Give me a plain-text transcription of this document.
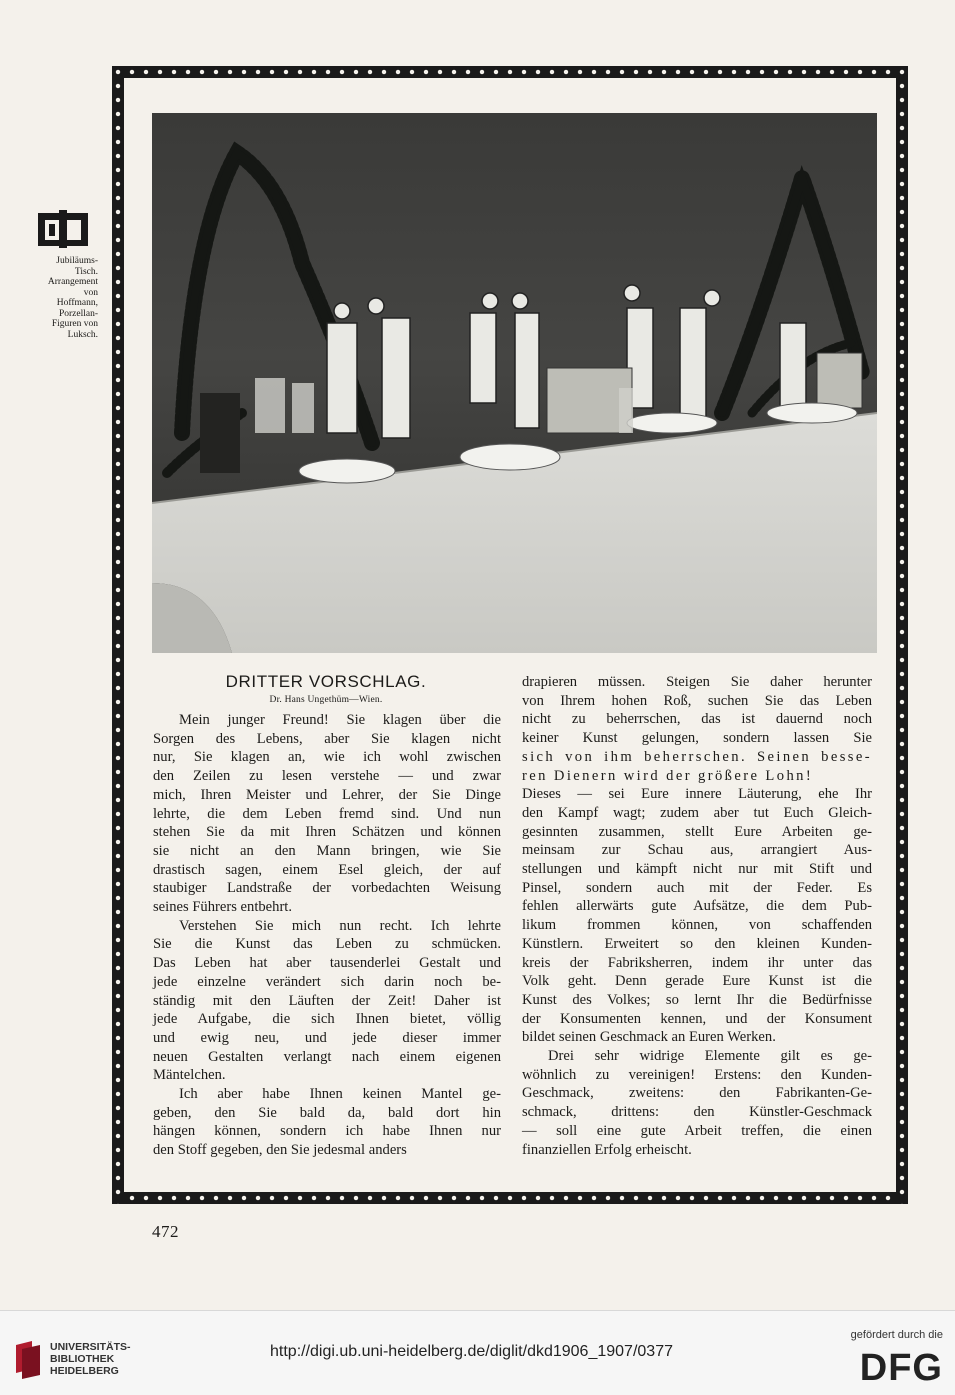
Jubiläums-
Tisch.
Arrangement
von
Hoffmann,
Porzellan-
Figuren von
Luksch.
DRITTER VORSCHLAG.
Dr. Hans Ungethüm—Wien.

Mein junger Freund! Sie klagen über die

Sorgen des Lebens, aber Sie klagen nicht

nur, Sie klagen an, wie ich wohl zwischen

den Zeilen zu lesen verstehe — und zwar

mich, Ihren Meister und Lehrer, der Sie Dinge

lehrte, die dem Leben fremd sind. Und nun

stehen Sie da mit Ihren Schätzen und können

sie nicht an den Mann bringen, wie Sie

drastisch sagen, einem Esel gleich, der auf

staubiger Landstraße der vorbedachten Weisung

seines Führers entbehrt.

Verstehen Sie mich nun recht. Ich lehrte

Sie die Kunst das Leben zu schmücken.

Das Leben hat aber tausenderlei Gestalt und

jede einzelne verändert sich darin noch be-

ständig mit den Läuften der Zeit! Daher ist

jede Aufgabe, die sich Ihnen bietet, völlig

und ewig neu, und jede dieser immer

neuen Gestalten verlangt nach einem eigenen

Mäntelchen.

Ich aber habe Ihnen keinen Mantel ge-

geben, den Sie bald da, bald dort hin

hängen können, sondern ich habe Ihnen nur

den Stoff gegeben, den Sie jedesmal anders

drapieren müssen. Steigen Sie daher herunter

von Ihrem hohen Roß, suchen Sie das Leben

nicht zu beherrschen, das ist dauernd noch

keiner Kunst gelungen, sondern lassen Sie

sich von ihm beherrschen. Seinen besse-

ren Dienern wird der größere Lohn!

Dieses — sei Eure innere Läuterung, ehe Ihr

den Kampf wagt; zudem aber tut Euch Gleich-

gesinnten zusammen, stellt Eure Arbeiten ge-

meinsam zur Schau aus, arrangiert Aus-

stellungen und kämpft nicht nur mit Stift und

Pinsel, sondern auch mit der Feder. Es

fehlen allerwärts gute Aufsätze, die dem Pub-

likum frommen können, von schaffenden

Künstlern. Erweitert so den kleinen Kunden-

kreis der Fabriksherren, indem ihr unter das

Volk geht. Denn gerade Eure Kunst ist die

Kunst des Volkes; so lernt Ihr die Bedürfnisse

der Konsumenten kennen, und der Konsument

bildet seinen Geschmack an Euren Werken.

Drei sehr widrige Elemente gilt es ge-

wöhnlich zu vereinigen! Erstens: den Kunden-

Geschmack, zweitens: den Fabrikanten-Ge-

schmack, drittens: den Künstler-Geschmack

— soll eine gute Arbeit treffen, die einen

finanziellen Erfolg erheischt.

472
UNIVERSITÄTS-
BIBLIOTHEK
HEIDELBERG
http://digi.ub.uni-heidelberg.de/diglit/dkd1906_1907/0377
gefördert durch die
DFG
